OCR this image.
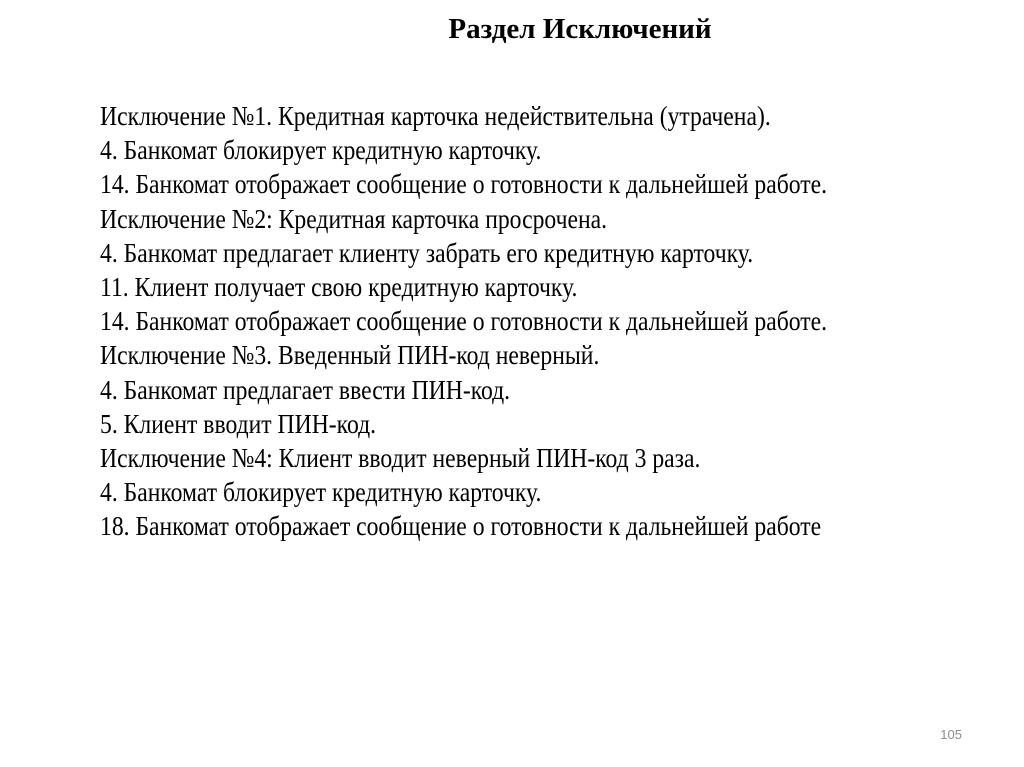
Раздел Исключений

Исключение №1. Кредитная карточка недействительна (утрачена).

4. Банкомат блокирует кредитную карточку.

14. Банкомат отображает сообщение о готовности к дальнейшей работе.

Исключение №2: Кредитная карточка просрочена.

4. Банкомат предлагает клиенту забрать его кредитную карточку.

11. Клиент получает свою кредитную карточку.

14. Банкомат отображает сообщение о готовности к дальнейшей работе.

Исключение №3. Введенный ПИН-код неверный.

4. Банкомат предлагает ввести ПИН-код.

5. Клиент вводит ПИН-код.

Исключение №4: Клиент вводит неверный ПИН-код 3 раза.

4. Банкомат блокирует кредитную карточку.

18. Банкомат отображает сообщение о готовности к дальнейшей работе

105
